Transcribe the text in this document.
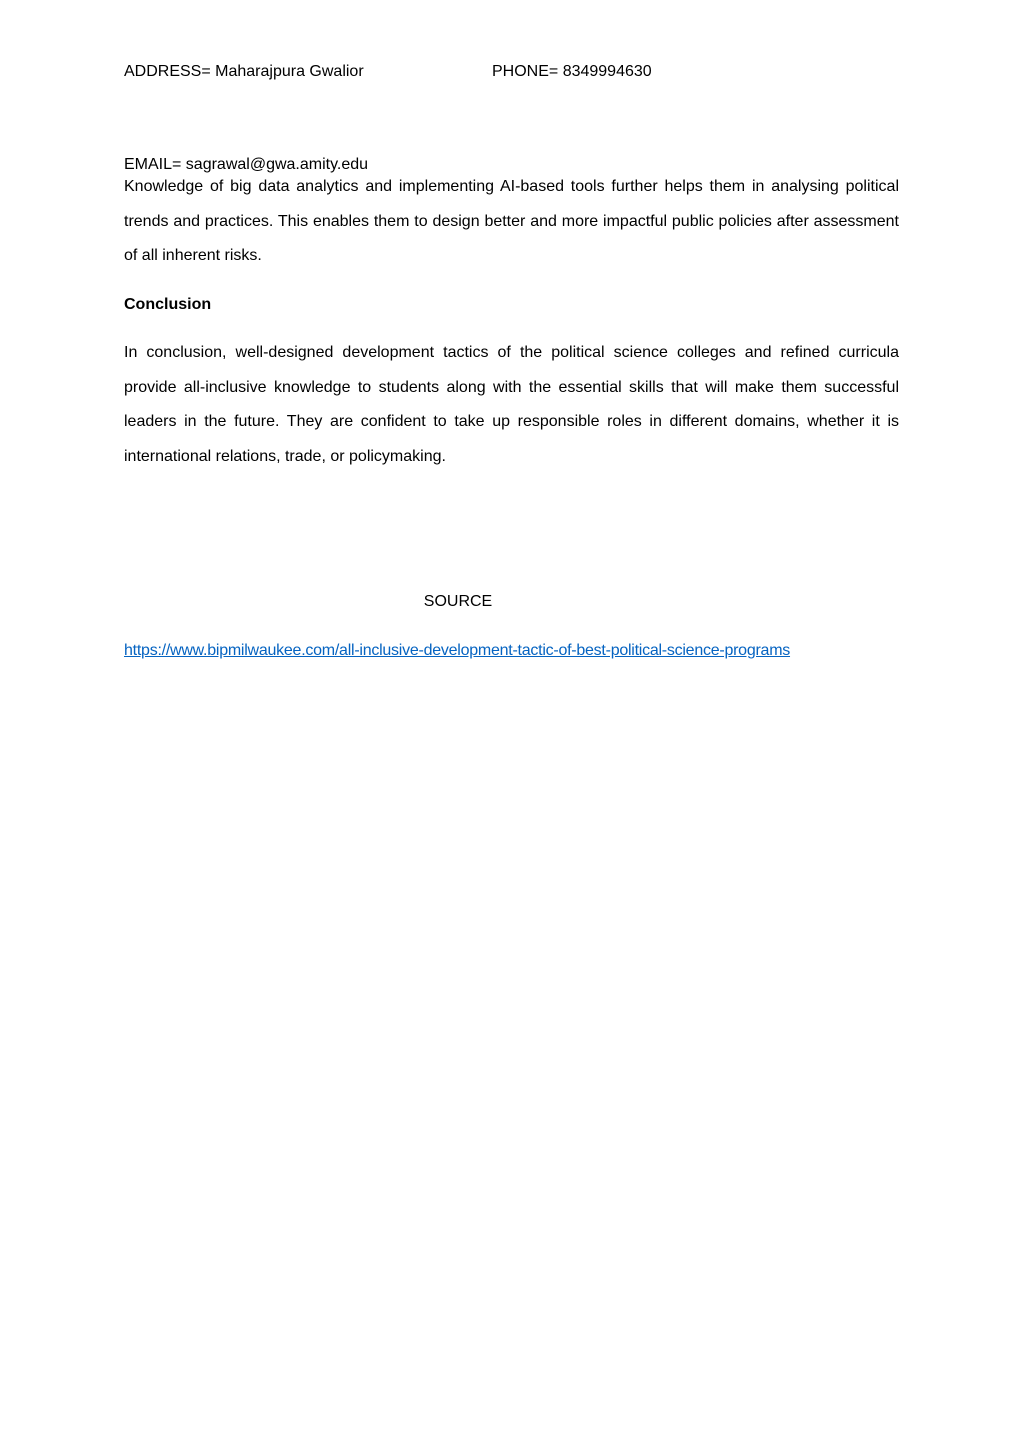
ADDRESS= Maharajpura Gwalior	PHONE= 8349994630
EMAIL= sagrawal@gwa.amity.edu

Knowledge of big data analytics and implementing AI-based tools further helps them in analysing political trends and practices. This enables them to design better and more impactful public policies after assessment of all inherent risks.

Conclusion

In conclusion, well-designed development tactics of the political science colleges and refined curricula provide all-inclusive knowledge to students along with the essential skills that will make them successful leaders in the future. They are confident to take up responsible roles in different domains, whether it is international relations, trade, or policymaking.

SOURCE
https://www.bipmilwaukee.com/all-inclusive-development-tactic-of-best-political-science-programs
